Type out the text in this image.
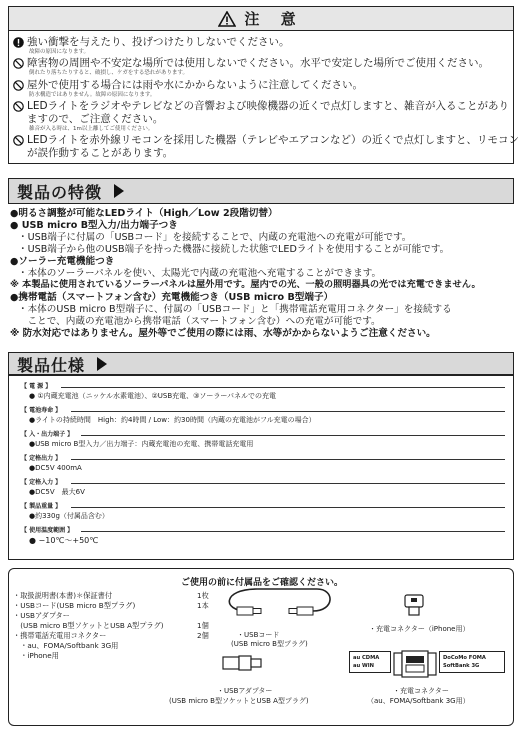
注 意
強い衝撃を与えたり、投げつけたりしないでください。
故障の原因になります。
障害物の周囲や不安定な場所では使用しないでください。水平で安定した場所でご使用ください。
倒れたり落ちたりすると、破損し、ケガをする恐れがあります。
屋外で使用する場合には雨や水にかからないように注意してください。
防水構造ではありません。故障の原因になります。
LEDライトをラジオやテレビなどの音響および映像機器の近くで点灯しますと、雑音が入ることがあり
ますので、ご注意ください。
雑音が入る時は、1m以上離してご使用ください。
LEDライトを赤外線リモコンを採用した機器（テレビやエアコンなど）の近くで点灯しますと、リモコン
が誤作動することがあります。
製品の特徴
●明るさ調整が可能なLEDライト（High／Low 2段階切替）
● USB micro B型入力/出力端子つき
・USB端子に付属の「USBコード」を接続することで、内蔵の充電池への充電が可能です。
・USB端子から他のUSB端子を持った機器に接続した状態でLEDライトを使用することが可能です。
●ソーラー充電機能つき
・本体のソーラーパネルを使い、太陽光で内蔵の充電池へ充電することができます。
※ 本製品に使用されているソーラーパネルは屋外用です。屋内での光、一般の照明器具の光では充電できません。
●携帯電話（スマートフォン含む）充電機能つき（USB micro B型端子）
・本体のUSB micro B型端子に、付属の「USBコード」と「携帯電話充電用コネクター」を接続する
　ことで、内蔵の充電池から携帯電話（スマートフォン含む）への充電が可能です。
※ 防水対応ではありません。屋外等でご使用の際には雨、水等がかからないようご注意ください。
製品仕様
【 電 源 】
● ①内蔵充電池（ニッケル水素電池）、②USB充電、③ソーラーパネルでの充電
【 電池寿命 】
●ライトの持続時間　High：約4時間 / Low：約30時間（内蔵の充電池がフル充電の場合）
【 入・出力端子 】
●USB micro B型入力／出力端子：内蔵充電池の充電、携帯電話充電用
【 定格出力 】
●DC5V 400mA
【 定格入力 】
●DC5V　最大6V
【 製品重量 】
●約330g（付属品含む）
【 使用温度範囲 】
● −10℃〜+50℃
ご使用の前に付属品をご確認ください。
・取扱説明書(本書)＊保証書付	1枚
・USBコード(USB micro B型プラグ)	1本
・USBアダプター
　(USB micro B型ソケットとUSB A型プラグ)	1個
・携帯電話充電用コネクター	2個
　・au、FOMA/Softbank 3G用
　・iPhone用
・USBコード
(USB micro B型プラグ)
・充電コネクター（iPhone用）
・USBアダプター
(USB micro B型ソケットとUSB A型プラグ)
au CDMA
au WIN
DoCoMo FOMA
SoftBank 3G
・充電コネクター
（au、FOMA/Softbank 3G用）
